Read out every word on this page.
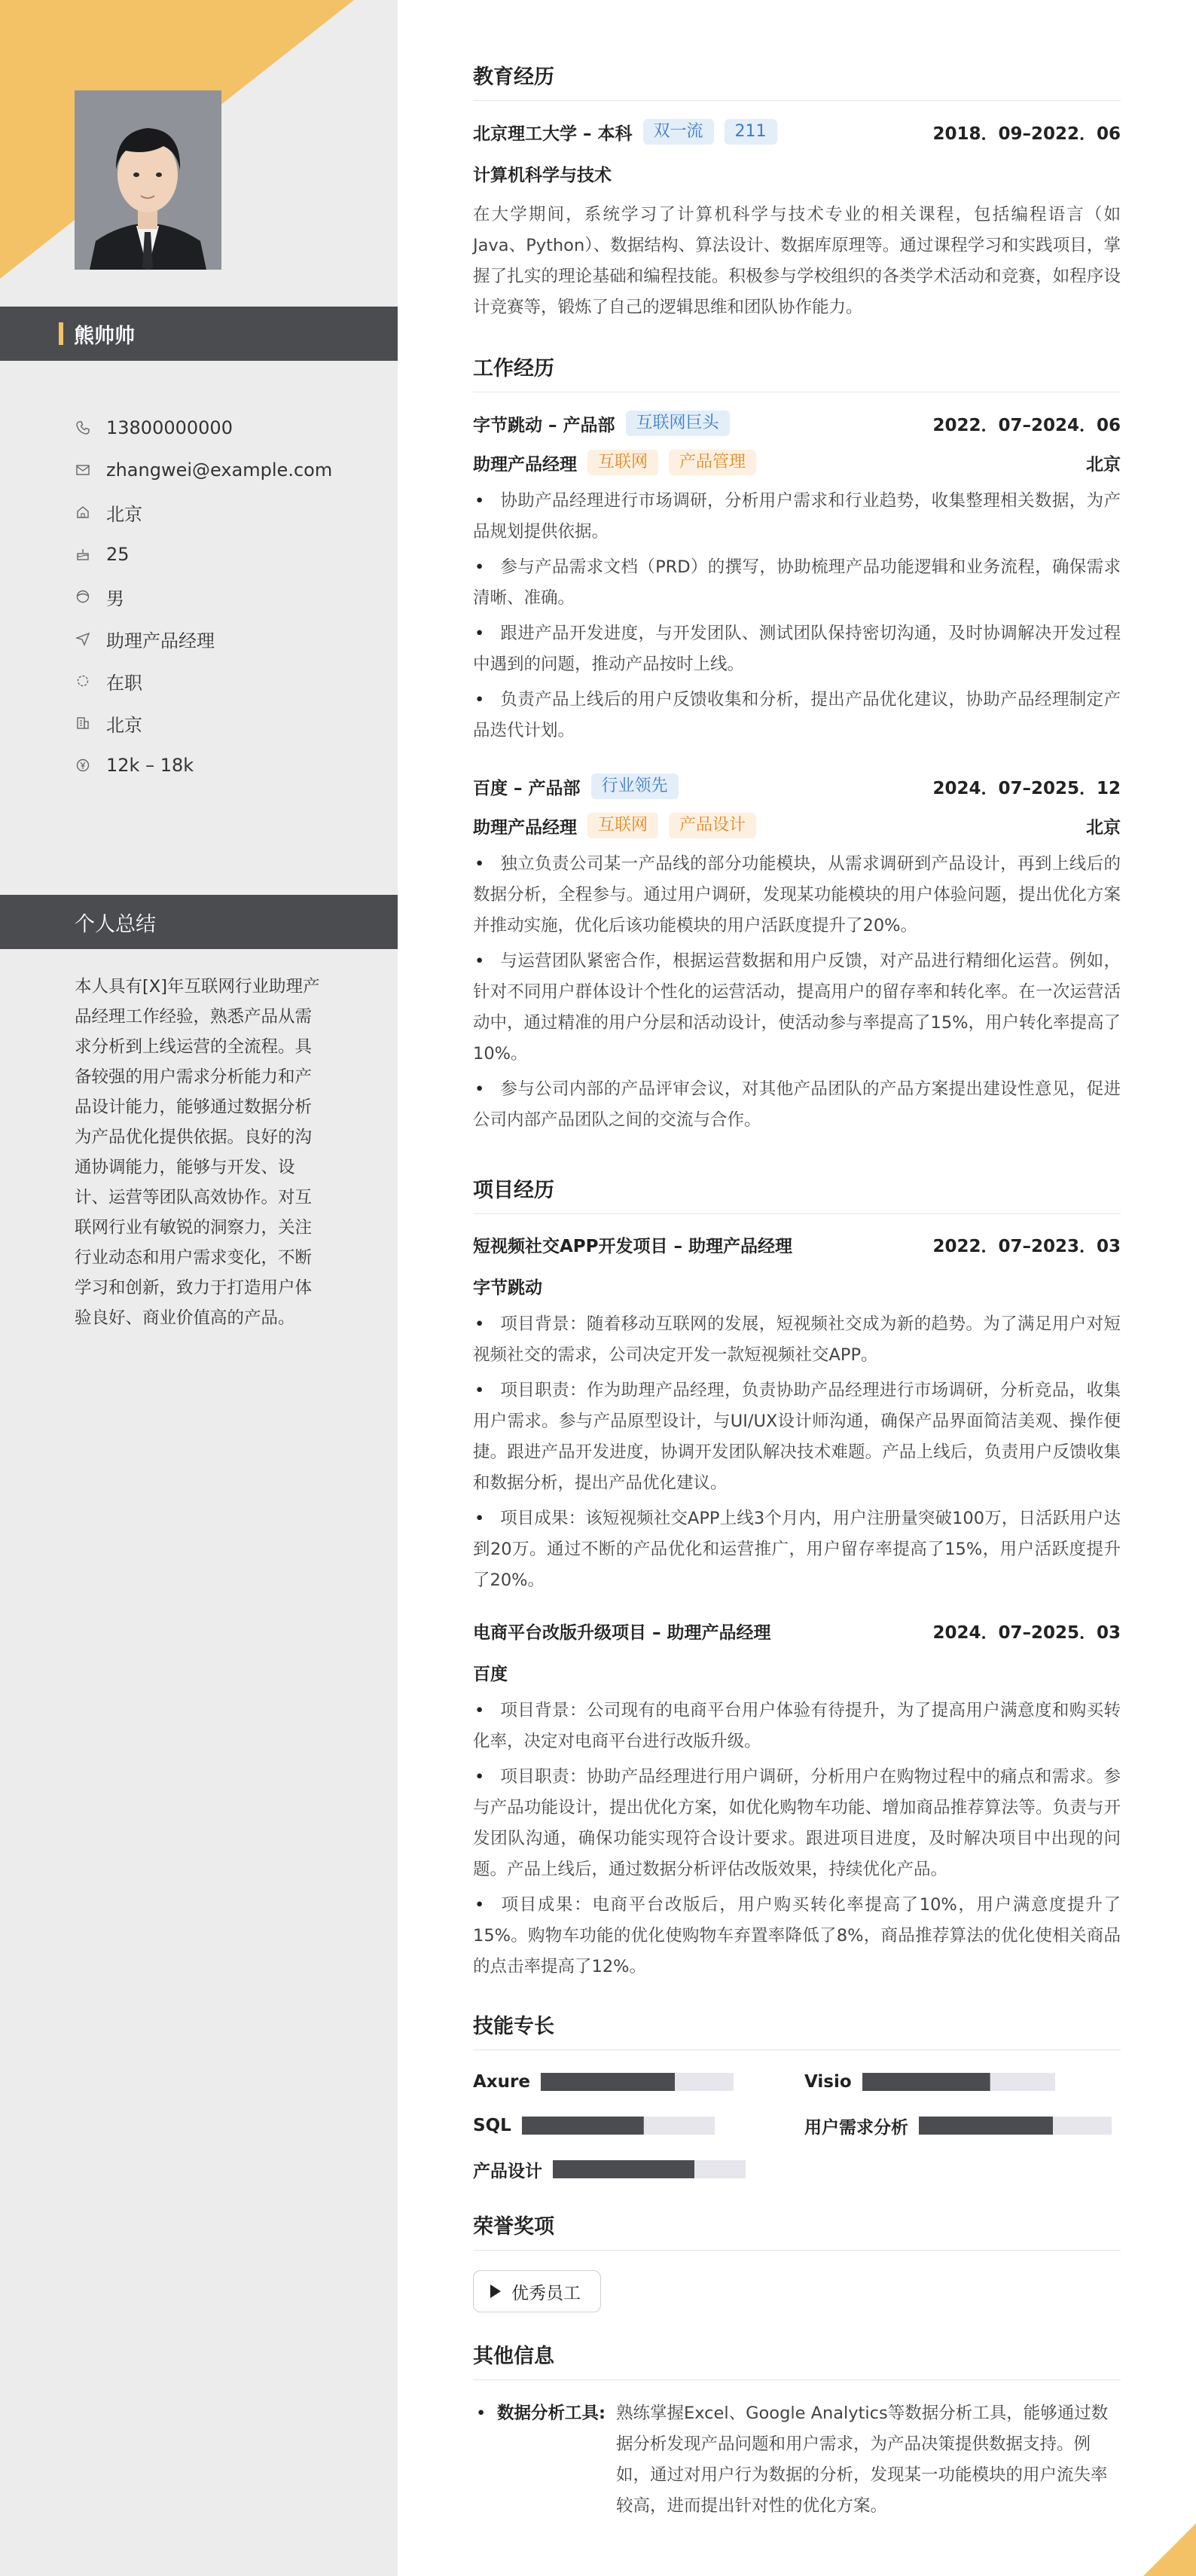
熊帅帅
13800000000
zhangwei@example.com
北京
25
男
助理产品经理
在职
北京
12k – 18k
个人总结

本人具有[X]年互联网行业助理产品经理工作经验，熟悉产品从需求分析到上线运营的全流程。具备较强的用户需求分析能力和产品设计能力，能够通过数据分析为产品优化提供依据。良好的沟通协调能力，能够与开发、设计、运营等团队高效协作。对互联网行业有敏锐的洞察力，关注行业动态和用户需求变化，不断学习和创新，致力于打造用户体验良好、商业价值高的产品。

教育经历
北京理工大学 – 本科	双一流	211	2018．09–2022．06
计算机科学与技术

在大学期间，系统学习了计算机科学与技术专业的相关课程，包括编程语言（如 Java、Python）、数据结构、算法设计、数据库原理等。通过课程学习和实践项目，掌握了扎实的理论基础和编程技能。积极参与学校组织的各类学术活动和竞赛，如程序设计竞赛等，锻炼了自己的逻辑思维和团队协作能力。

工作经历
字节跳动 – 产品部	互联网巨头	2022．07–2024．06
助理产品经理	互联网	产品管理	北京
• 协助产品经理进行市场调研，分析用户需求和行业趋势，收集整理相关数据，为产品规划提供依据。
• 参与产品需求文档（PRD）的撰写，协助梳理产品功能逻辑和业务流程，确保需求清晰、准确。
• 跟进产品开发进度，与开发团队、测试团队保持密切沟通，及时协调解决开发过程中遇到的问题，推动产品按时上线。
• 负责产品上线后的用户反馈收集和分析，提出产品优化建议，协助产品经理制定产品迭代计划。
百度 – 产品部	行业领先	2024．07–2025．12
助理产品经理	互联网	产品设计	北京
• 独立负责公司某一产品线的部分功能模块，从需求调研到产品设计，再到上线后的数据分析，全程参与。通过用户调研，发现某功能模块的用户体验问题，提出优化方案并推动实施，优化后该功能模块的用户活跃度提升了20%。
• 与运营团队紧密合作，根据运营数据和用户反馈，对产品进行精细化运营。例如，针对不同用户群体设计个性化的运营活动，提高用户的留存率和转化率。在一次运营活动中，通过精准的用户分层和活动设计，使活动参与率提高了15%，用户转化率提高了10%。
• 参与公司内部的产品评审会议，对其他产品团队的产品方案提出建设性意见，促进公司内部产品团队之间的交流与合作。
项目经历
短视频社交APP开发项目 – 助理产品经理	2022．07–2023．03
字节跳动
• 项目背景：随着移动互联网的发展，短视频社交成为新的趋势。为了满足用户对短视频社交的需求，公司决定开发一款短视频社交APP。
• 项目职责：作为助理产品经理，负责协助产品经理进行市场调研，分析竞品，收集用户需求。参与产品原型设计，与UI/UX设计师沟通，确保产品界面简洁美观、操作便捷。跟进产品开发进度，协调开发团队解决技术难题。产品上线后，负责用户反馈收集和数据分析，提出产品优化建议。
• 项目成果：该短视频社交APP上线3个月内，用户注册量突破100万，日活跃用户达到20万。通过不断的产品优化和运营推广，用户留存率提高了15%，用户活跃度提升了20%。
电商平台改版升级项目 – 助理产品经理	2024．07–2025．03
百度
• 项目背景：公司现有的电商平台用户体验有待提升，为了提高用户满意度和购买转化率，决定对电商平台进行改版升级。
• 项目职责：协助产品经理进行用户调研，分析用户在购物过程中的痛点和需求。参与产品功能设计，提出优化方案，如优化购物车功能、增加商品推荐算法等。负责与开发团队沟通，确保功能实现符合设计要求。跟进项目进度，及时解决项目中出现的问题。产品上线后，通过数据分析评估改版效果，持续优化产品。
• 项目成果：电商平台改版后，用户购买转化率提高了10%，用户满意度提升了15%。购物车功能的优化使购物车弃置率降低了8%，商品推荐算法的优化使相关商品的点击率提高了12%。
技能专长
Axure	Visio
SQL	用户需求分析
产品设计
荣誉奖项
优秀员工
其他信息
• 数据分析工具: 熟练掌握Excel、Google Analytics等数据分析工具，能够通过数据分析发现产品问题和用户需求，为产品决策提供数据支持。例如，通过对用户行为数据的分析，发现某一功能模块的用户流失率较高，进而提出针对性的优化方案。
